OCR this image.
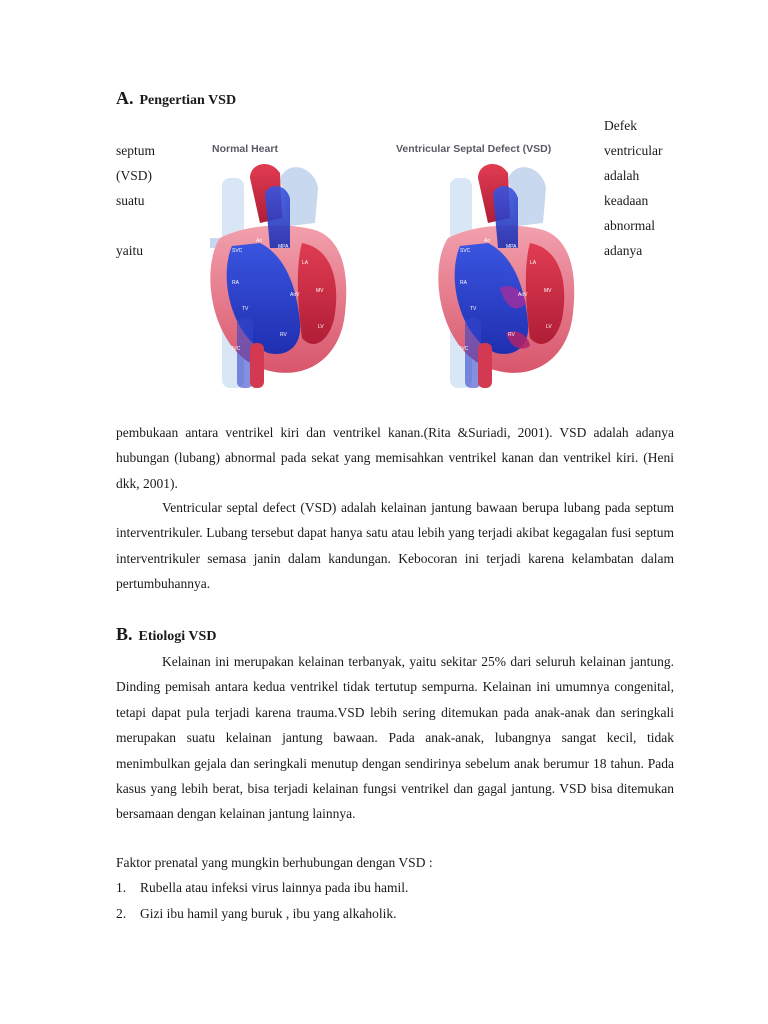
A. Pengertian VSD
septum
(VSD)
suatu
yaitu
Defek
ventricular
adalah
keadaan
abnormal
adanya
Normal Heart	Ventricular Septal Defect (VSD)
SVC
Ao
MPA
LA
RA
AoV
MV
TV
LV
RV
IVC
SVC
Ao
MPA
LA
RA
AoV
MV
TV
LV
RV
IVC

pembukaan antara ventrikel kiri dan ventrikel kanan.(Rita &Suriadi, 2001). VSD adalah adanya hubungan (lubang) abnormal pada sekat yang memisahkan ventrikel kanan dan ventrikel kiri. (Heni dkk, 2001).

Ventricular septal defect (VSD) adalah kelainan jantung bawaan berupa lubang pada septum interventrikuler. Lubang tersebut dapat hanya satu atau lebih yang terjadi akibat kegagalan fusi septum interventrikuler semasa janin dalam kandungan. Kebocoran ini terjadi karena kelambatan dalam pertumbuhannya.

B. Etiologi VSD

Kelainan ini merupakan kelainan terbanyak, yaitu sekitar 25% dari seluruh kelainan jantung. Dinding pemisah antara kedua ventrikel tidak tertutup sempurna. Kelainan ini umumnya congenital, tetapi dapat pula terjadi karena trauma.VSD lebih sering ditemukan pada anak-anak dan seringkali merupakan suatu kelainan jantung bawaan. Pada anak-anak, lubangnya sangat kecil, tidak menimbulkan gejala dan seringkali menutup dengan sendirinya sebelum anak berumur 18 tahun. Pada kasus yang lebih berat, bisa terjadi kelainan fungsi ventrikel dan gagal jantung. VSD bisa ditemukan bersamaan dengan kelainan jantung lainnya.

Faktor prenatal yang mungkin berhubungan dengan VSD :
1. Rubella atau infeksi virus lainnya pada ibu hamil.
2. Gizi ibu hamil yang buruk , ibu yang alkaholik.
